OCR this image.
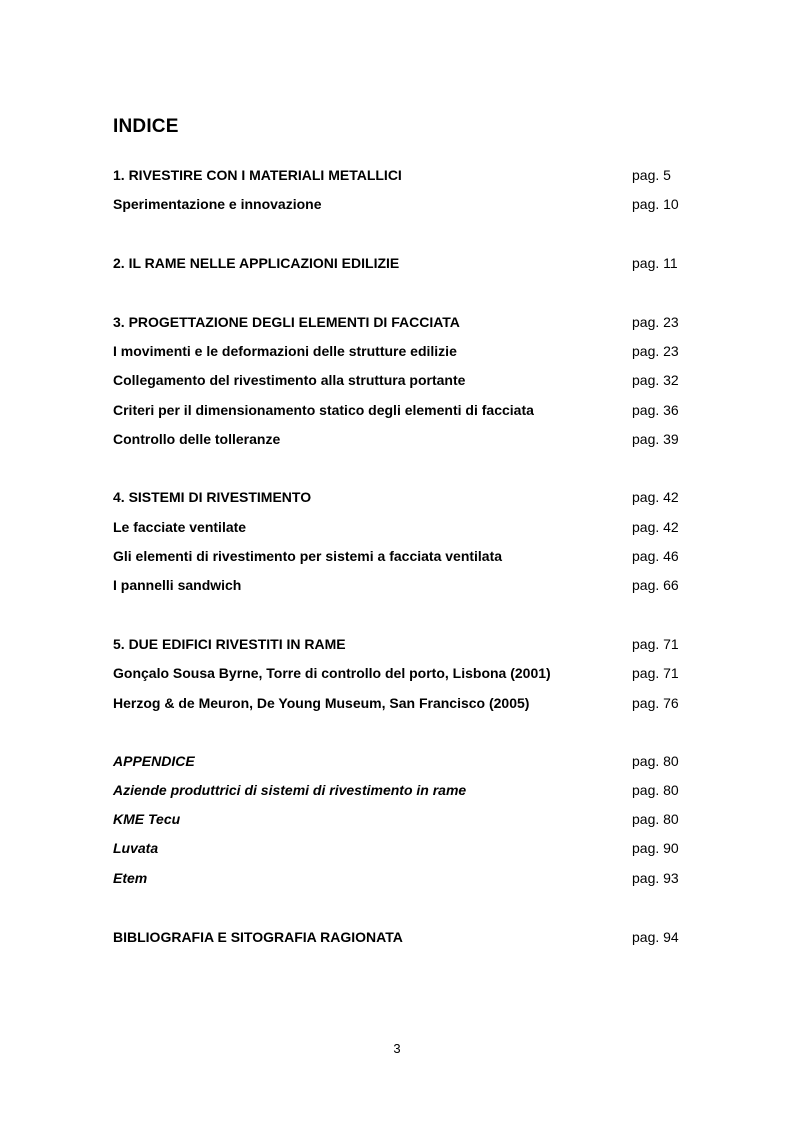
INDICE
1. RIVESTIRE CON I MATERIALI METALLICI	pag. 5
Sperimentazione e innovazione	pag. 10
2. IL RAME NELLE APPLICAZIONI EDILIZIE	pag. 11
3. PROGETTAZIONE DEGLI ELEMENTI DI FACCIATA	pag. 23
I movimenti e le deformazioni delle strutture edilizie	pag. 23
Collegamento del rivestimento alla struttura portante	pag. 32
Criteri per il dimensionamento statico degli elementi di facciata	pag. 36
Controllo delle tolleranze	pag. 39
4. SISTEMI DI RIVESTIMENTO	pag. 42
Le facciate ventilate	pag. 42
Gli elementi di rivestimento per sistemi a facciata ventilata	pag. 46
I pannelli sandwich	pag. 66
5. DUE EDIFICI RIVESTITI IN RAME	pag. 71
Gonçalo Sousa Byrne, Torre di controllo del porto, Lisbona (2001)	pag. 71
Herzog & de Meuron, De Young Museum, San Francisco (2005)	pag. 76
APPENDICE	pag. 80
Aziende produttrici di sistemi di rivestimento in rame	pag. 80
KME Tecu	pag. 80
Luvata	pag. 90
Etem	pag. 93
BIBLIOGRAFIA E SITOGRAFIA RAGIONATA	pag. 94
3
